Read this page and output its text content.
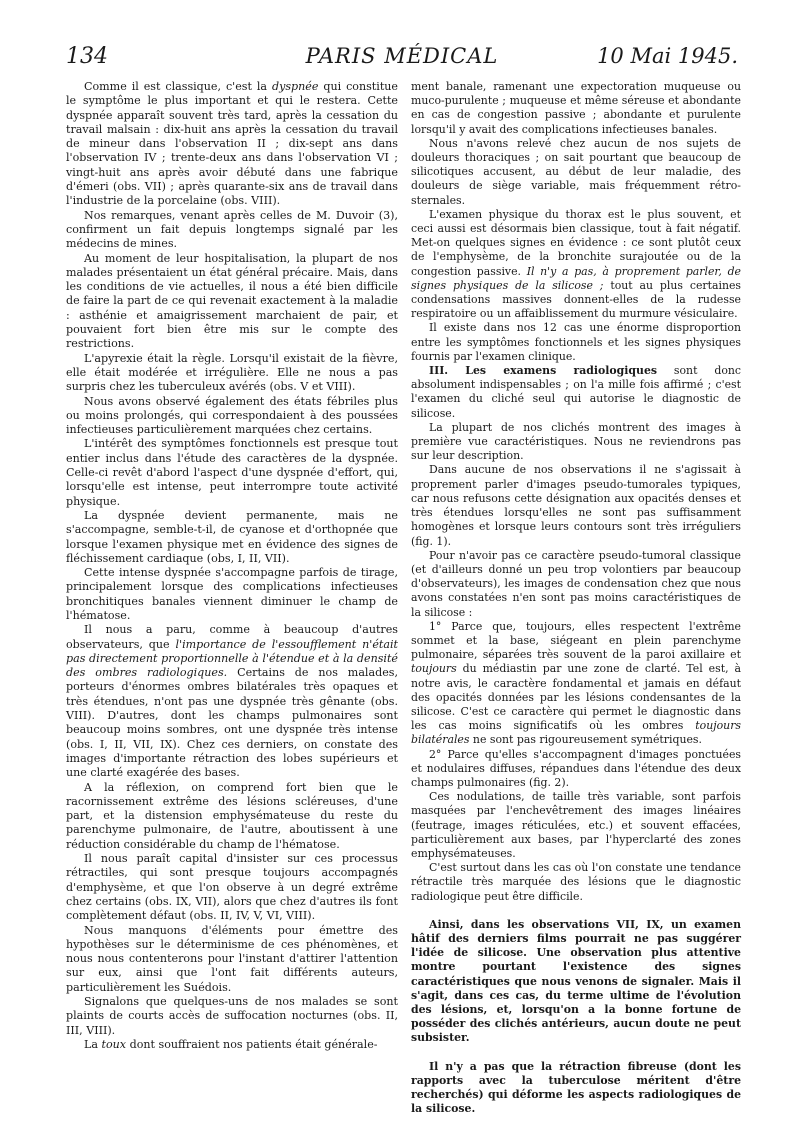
134	PARIS MÉDICAL	10 Mai 1945.

Comme il est classique, c'est la dyspnée qui constitue le symptôme le plus important et qui le restera. Cette dyspnée apparaît souvent très tard, après la cessation du travail malsain : dix-huit ans après la cessation du travail de mineur dans l'observation II ; dix-sept ans dans l'observation IV ; trente-deux ans dans l'observation VI ; vingt-huit ans après avoir débuté dans une fabrique d'émeri (obs. VII) ; après quarante-six ans de travail dans l'industrie de la porcelaine (obs. VIII).

Nos remarques, venant après celles de M. Duvoir (3), confirment un fait depuis longtemps signalé par les médecins de mines.

Au moment de leur hospitalisation, la plupart de nos malades présentaient un état général précaire. Mais, dans les conditions de vie actuelles, il nous a été bien difficile de faire la part de ce qui revenait exactement à la maladie : asthénie et amaigrissement marchaient de pair, et pouvaient fort bien être mis sur le compte des restrictions.

L'apyrexie était la règle. Lorsqu'il existait de la fièvre, elle était modérée et irrégulière. Elle ne nous a pas surpris chez les tuberculeux avérés (obs. V et VIII).

Nous avons observé également des états fébriles plus ou moins prolongés, qui correspondaient à des poussées infectieuses particulièrement marquées chez certains.

L'intérêt des symptômes fonctionnels est presque tout entier inclus dans l'étude des caractères de la dyspnée. Celle-ci revêt d'abord l'aspect d'une dyspnée d'effort, qui, lorsqu'elle est intense, peut interrompre toute activité physique.

La dyspnée devient permanente, mais ne s'accompagne, semble-t-il, de cyanose et d'orthopnée que lorsque l'examen physique met en évidence des signes de fléchissement cardiaque (obs, I, II, VII).

Cette intense dyspnée s'accompagne parfois de tirage, principalement lorsque des complications infectieuses bronchitiques banales viennent diminuer le champ de l'hématose.

Il nous a paru, comme à beaucoup d'autres observateurs, que l'importance de l'essoufflement n'était pas directement proportionnelle à l'étendue et à la densité des ombres radiologiques. Certains de nos malades, porteurs d'énormes ombres bilatérales très opaques et très étendues, n'ont pas une dyspnée très gênante (obs. VIII). D'autres, dont les champs pulmonaires sont beaucoup moins sombres, ont une dyspnée très intense (obs. I, II, VII, IX). Chez ces derniers, on constate des images d'importante rétraction des lobes supérieurs et une clarté exagérée des bases.

A la réflexion, on comprend fort bien que le racornissement extrême des lésions scléreuses, d'une part, et la distension emphysémateuse du reste du parenchyme pulmonaire, de l'autre, aboutissent à une réduction considérable du champ de l'hématose.

Il nous paraît capital d'insister sur ces processus rétractiles, qui sont presque toujours accompagnés d'emphysème, et que l'on observe à un degré extrême chez certains (obs. IX, VII), alors que chez d'autres ils font complètement défaut (obs. II, IV, V, VI, VIII).

Nous manquons d'éléments pour émettre des hypothèses sur le déterminisme de ces phénomènes, et nous nous contenterons pour l'instant d'attirer l'attention sur eux, ainsi que l'ont fait différents auteurs, particulièrement les Suédois.

Signalons que quelques-uns de nos malades se sont plaints de courts accès de suffocation nocturnes (obs. II, III, VIII).

La toux dont souffraient nos patients était générale-

ment banale, ramenant une expectoration muqueuse ou muco-purulente ; muqueuse et même séreuse et abondante en cas de congestion passive ; abondante et purulente lorsqu'il y avait des complications infectieuses banales.

Nous n'avons relevé chez aucun de nos sujets de douleurs thoraciques ; on sait pourtant que beaucoup de silicotiques accusent, au début de leur maladie, des douleurs de siège variable, mais fréquemment rétro-sternales.

L'examen physique du thorax est le plus souvent, et ceci aussi est désormais bien classique, tout à fait négatif. Met-on quelques signes en évidence : ce sont plutôt ceux de l'emphysème, de la bronchite surajoutée ou de la congestion passive. Il n'y a pas, à proprement parler, de signes physiques de la silicose ; tout au plus certaines condensations massives donnent-elles de la rudesse respiratoire ou un affaiblissement du murmure vésiculaire.

Il existe dans nos 12 cas une énorme disproportion entre les symptômes fonctionnels et les signes physiques fournis par l'examen clinique.

III. Les examens radiologiques sont donc absolument indispensables ; on l'a mille fois affirmé ; c'est l'examen du cliché seul qui autorise le diagnostic de silicose.

La plupart de nos clichés montrent des images à première vue caractéristiques. Nous ne reviendrons pas sur leur description.

Dans aucune de nos observations il ne s'agissait à proprement parler d'images pseudo-tumorales typiques, car nous refusons cette désignation aux opacités denses et très étendues lorsqu'elles ne sont pas suffisamment homogènes et lorsque leurs contours sont très irréguliers (fig. 1).

Pour n'avoir pas ce caractère pseudo-tumoral classique (et d'ailleurs donné un peu trop volontiers par beaucoup d'observateurs), les images de condensation chez que nous avons constatées n'en sont pas moins caractéristiques de la silicose :

1° Parce que, toujours, elles respectent l'extrême sommet et la base, siégeant en plein parenchyme pulmonaire, séparées très souvent de la paroi axillaire et toujours du médiastin par une zone de clarté. Tel est, à notre avis, le caractère fondamental et jamais en défaut des opacités données par les lésions condensantes de la silicose. C'est ce caractère qui permet le diagnostic dans les cas moins significatifs où les ombres toujours bilatérales ne sont pas rigoureusement symétriques.

2° Parce qu'elles s'accompagnent d'images ponctuées et nodulaires diffuses, répandues dans l'étendue des deux champs pulmonaires (fig. 2).

Ces nodulations, de taille très variable, sont parfois masquées par l'enchevêtrement des images linéaires (feutrage, images réticulées, etc.) et souvent effacées, particulièrement aux bases, par l'hyperclarté des zones emphysémateuses.

C'est surtout dans les cas où l'on constate une tendance rétractile très marquée des lésions que le diagnostic radiologique peut être difficile.

Ainsi, dans les observations VII, IX, un examen hâtif des derniers films pourrait ne pas suggérer l'idée de silicose. Une observation plus attentive montre pourtant l'existence des signes caractéristiques que nous venons de signaler. Mais il s'agit, dans ces cas, du terme ultime de l'évolution des lésions, et, lorsqu'on a la bonne fortune de posséder des clichés antérieurs, aucun doute ne peut subsister.

Il n'y a pas que la rétraction fibreuse (dont les rapports avec la tuberculose méritent d'être recherchés) qui déforme les aspects radiologiques de la silicose.
